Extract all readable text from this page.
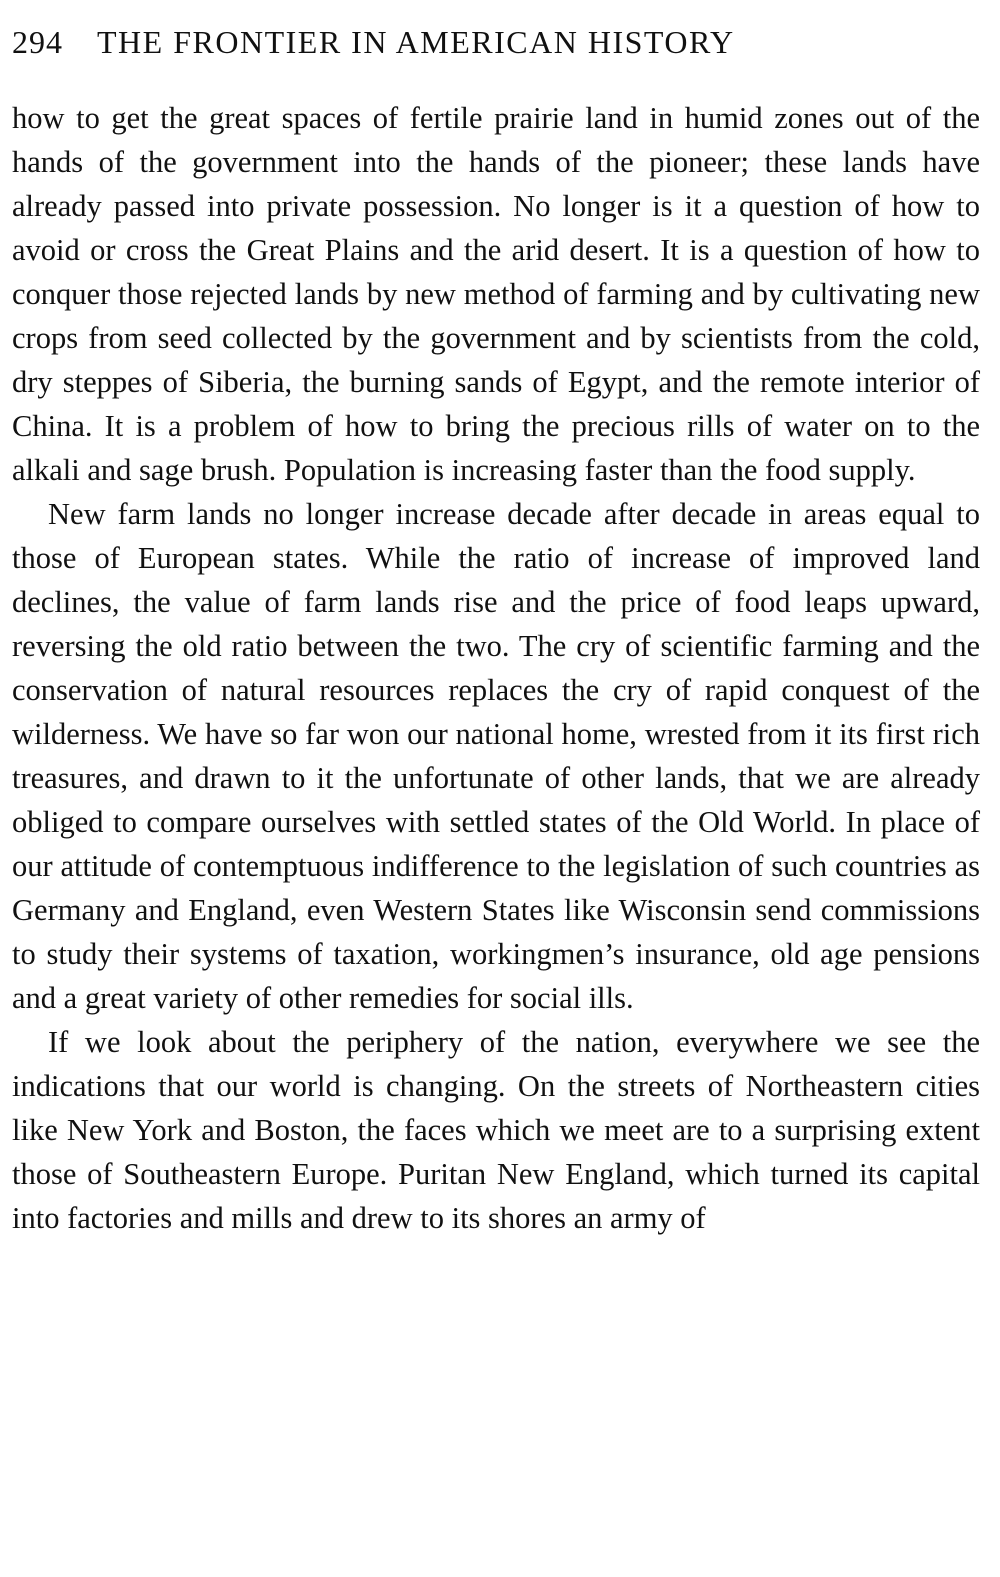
294 THE FRONTIER IN AMERICAN HISTORY

how to get the great spaces of fertile prairie land in humid zones out of the hands of the government into the hands of the pioneer; these lands have already passed into private possession. No longer is it a question of how to avoid or cross the Great Plains and the arid desert. It is a question of how to conquer those rejected lands by new method of farming and by cultivating new crops from seed collected by the government and by scientists from the cold, dry steppes of Siberia, the burning sands of Egypt, and the remote interior of China. It is a problem of how to bring the precious rills of water on to the alkali and sage brush. Population is increasing faster than the food supply.

New farm lands no longer increase decade after decade in areas equal to those of European states. While the ratio of increase of improved land declines, the value of farm lands rise and the price of food leaps upward, reversing the old ratio between the two. The cry of scientific farming and the conservation of natural resources replaces the cry of rapid conquest of the wilderness. We have so far won our national home, wrested from it its first rich treasures, and drawn to it the unfortunate of other lands, that we are already obliged to compare ourselves with settled states of the Old World. In place of our attitude of contemptuous indifference to the legislation of such countries as Germany and England, even Western States like Wisconsin send commissions to study their systems of taxation, workingmen’s insurance, old age pensions and a great variety of other remedies for social ills.

If we look about the periphery of the nation, everywhere we see the indications that our world is changing. On the streets of Northeastern cities like New York and Boston, the faces which we meet are to a surprising extent those of Southeastern Europe. Puritan New England, which turned its capital into factories and mills and drew to its shores an army of
